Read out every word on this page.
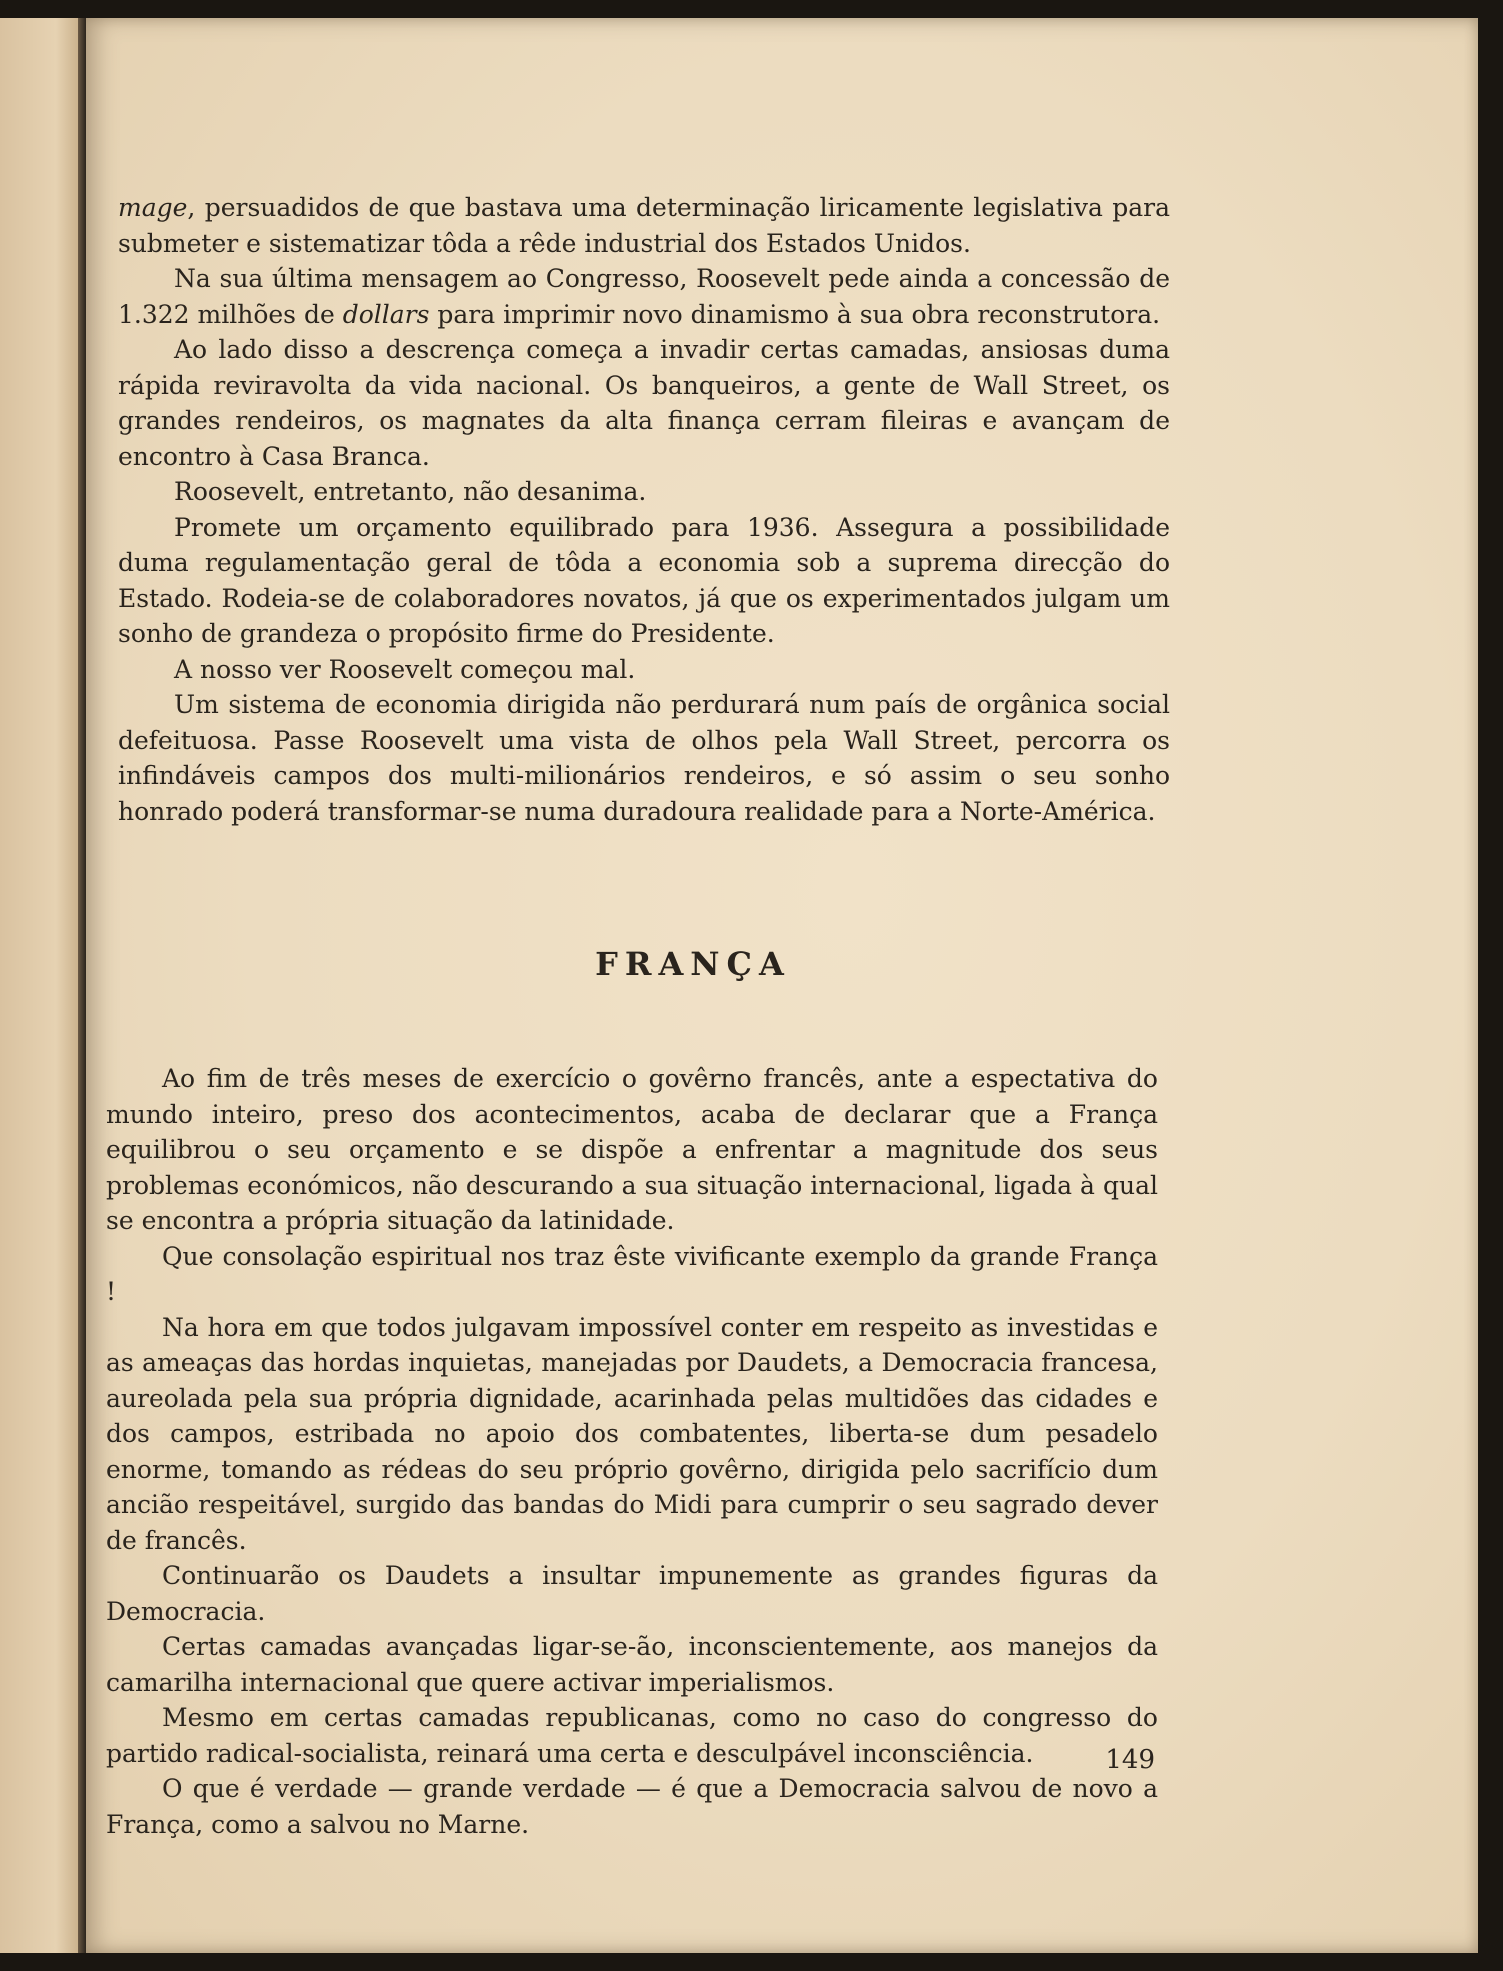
mage, persuadidos de que bastava uma determinação liricamente legislativa para submeter e sistematizar tôda a rêde industrial dos Estados Unidos.

Na sua última mensagem ao Congresso, Roosevelt pede ainda a concessão de 1.322 milhões de dollars para imprimir novo dinamismo à sua obra reconstrutora.

Ao lado disso a descrença começa a invadir certas camadas, ansiosas duma rápida reviravolta da vida nacional. Os banqueiros, a gente de Wall Street, os grandes rendeiros, os magnates da alta finança cerram fileiras e avançam de encontro à Casa Branca.

Roosevelt, entretanto, não desanima.

Promete um orçamento equilibrado para 1936. Assegura a possibilidade duma regulamentação geral de tôda a economia sob a suprema direcção do Estado. Rodeia-se de colaboradores novatos, já que os experimentados julgam um sonho de grandeza o propósito firme do Presidente.

A nosso ver Roosevelt começou mal.

Um sistema de economia dirigida não perdurará num país de orgânica social defeituosa. Passe Roosevelt uma vista de olhos pela Wall Street, percorra os infindáveis campos dos multi-milionários rendeiros, e só assim o seu sonho honrado poderá transformar-se numa duradoura realidade para a Norte-América.

FRANÇA

Ao fim de três meses de exercício o govêrno francês, ante a espectativa do mundo inteiro, preso dos acontecimentos, acaba de declarar que a França equilibrou o seu orçamento e se dispõe a enfrentar a magnitude dos seus problemas económicos, não descurando a sua situação internacional, ligada à qual se encontra a própria situação da latinidade.

Que consolação espiritual nos traz êste vivificante exemplo da grande França !

Na hora em que todos julgavam impossível conter em respeito as investidas e as ameaças das hordas inquietas, manejadas por Daudets, a Democracia francesa, aureolada pela sua própria dignidade, acarinhada pelas multidões das cidades e dos campos, estribada no apoio dos combatentes, liberta-se dum pesadelo enorme, tomando as rédeas do seu próprio govêrno, dirigida pelo sacrifício dum ancião respeitável, surgido das bandas do Midi para cumprir o seu sagrado dever de francês.

Continuarão os Daudets a insultar impunemente as grandes figuras da Democracia.

Certas camadas avançadas ligar-se-ão, inconscientemente, aos manejos da camarilha internacional que quere activar imperialismos.

Mesmo em certas camadas republicanas, como no caso do congresso do partido radical-socialista, reinará uma certa e desculpável inconsciência.

O que é verdade — grande verdade — é que a Democracia salvou de novo a França, como a salvou no Marne.

149
